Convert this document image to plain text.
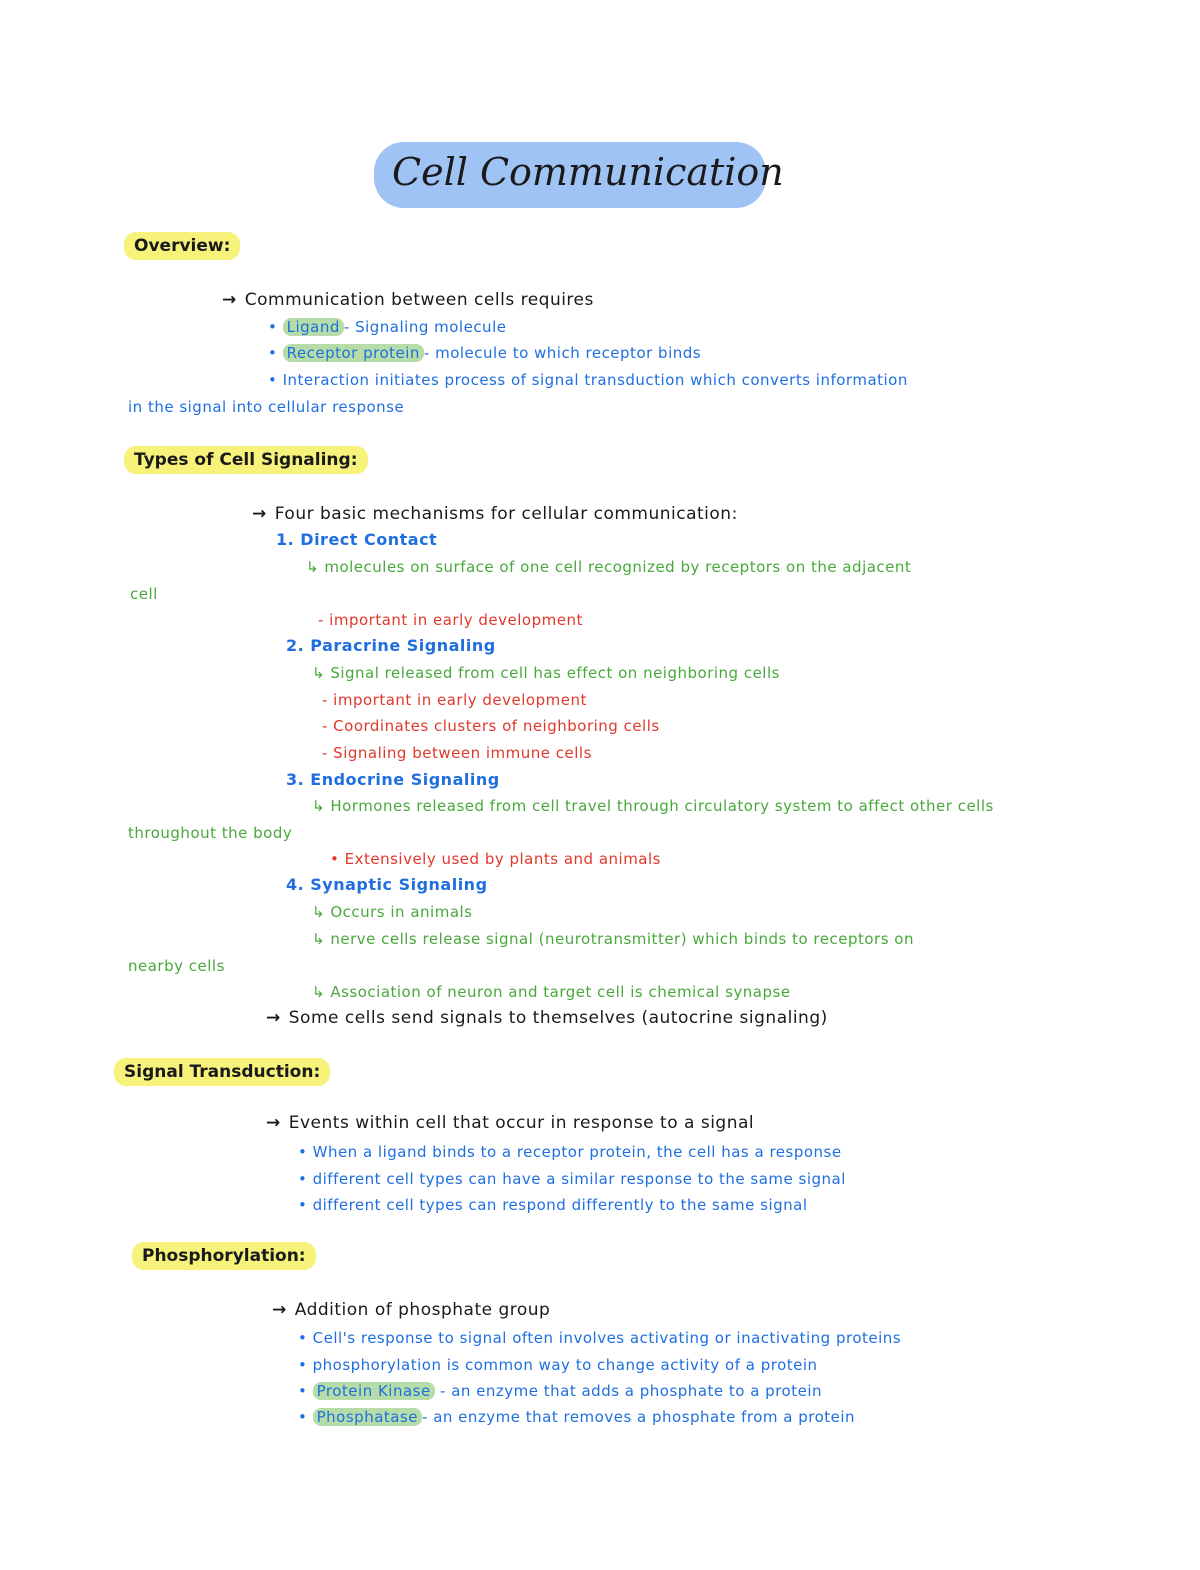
Cell Communication
Overview:
→ Communication between cells requires
• Ligand - Signaling molecule
• Receptor protein - molecule to which receptor binds
• Interaction initiates process of signal transduction which converts information
in the signal into cellular response
Types of Cell Signaling:
→ Four basic mechanisms for cellular communication:
1. Direct Contact
↳ molecules on surface of one cell recognized by receptors on the adjacent
cell
- important in early development
2. Paracrine Signaling
↳ Signal released from cell has effect on neighboring cells
- important in early development
- Coordinates clusters of neighboring cells
- Signaling between immune cells
3. Endocrine Signaling
↳ Hormones released from cell travel through circulatory system to affect other cells
throughout the body
• Extensively used by plants and animals
4. Synaptic Signaling
↳ Occurs in animals
↳ nerve cells release signal (neurotransmitter) which binds to receptors on
nearby cells
↳ Association of neuron and target cell is chemical synapse
→ Some cells send signals to themselves (autocrine signaling)
Signal Transduction:
→ Events within cell that occur in response to a signal
• When a ligand binds to a receptor protein, the cell has a response
• different cell types can have a similar response to the same signal
• different cell types can respond differently to the same signal
Phosphorylation:
→ Addition of phosphate group
• Cell's response to signal often involves activating or inactivating proteins
• phosphorylation is common way to change activity of a protein
• Protein Kinase - an enzyme that adds a phosphate to a protein
• Phosphatase - an enzyme that removes a phosphate from a protein
